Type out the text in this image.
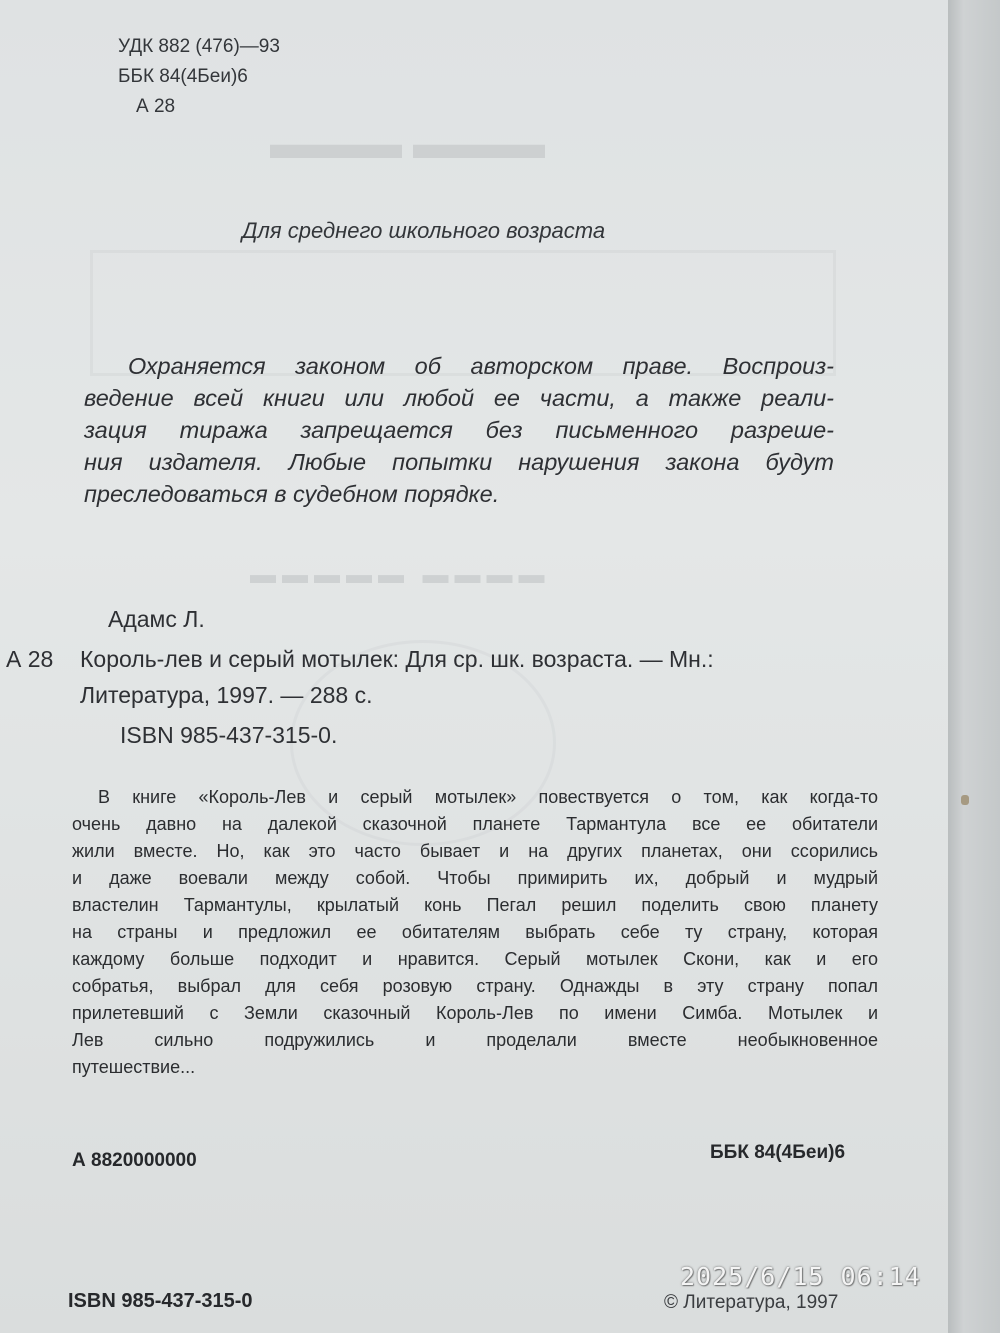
▬▬▬ ▬▬▬
▬▬▬▬▬ ▬▬▬▬
УДК 882 (476)—93
ББК 84(4Беи)6
А 28
Для среднего школьного возраста
Охраняется законом об авторском праве. Воспроиз-
ведение всей книги или любой ее части, а также реали-
зация тиража запрещается без письменного разреше-
ния издателя. Любые попытки нарушения закона будут
преследоваться в судебном порядке.
Адамс Л.
А 28 Король-лев и серый мотылек: Для ср. шк. возраста. — Мн.:
Литература, 1997. — 288 с.
ISBN 985-437-315-0.
В книге «Король-Лев и серый мотылек» повествуется о том, как когда-то
очень давно на далекой сказочной планете Тармантула все ее обитатели
жили вместе. Но, как это часто бывает и на других планетах, они ссорились
и даже воевали между собой. Чтобы примирить их, добрый и мудрый
властелин Тармантулы, крылатый конь Пегал решил поделить свою планету
на страны и предложил ее обитателям выбрать себе ту страну, которая
каждому больше подходит и нравится. Серый мотылек Скони, как и его
собратья, выбрал для себя розовую страну. Однажды в эту страну попал
прилетевший с Земли сказочный Король-Лев по имени Симба. Мотылек и
Лев сильно подружились и проделали вместе необыкновенное
путешествие...
А 8820000000	ББК 84(4Беи)6
ISBN 985-437-315-0	© Литература, 1997
2025/6/15 06:14
